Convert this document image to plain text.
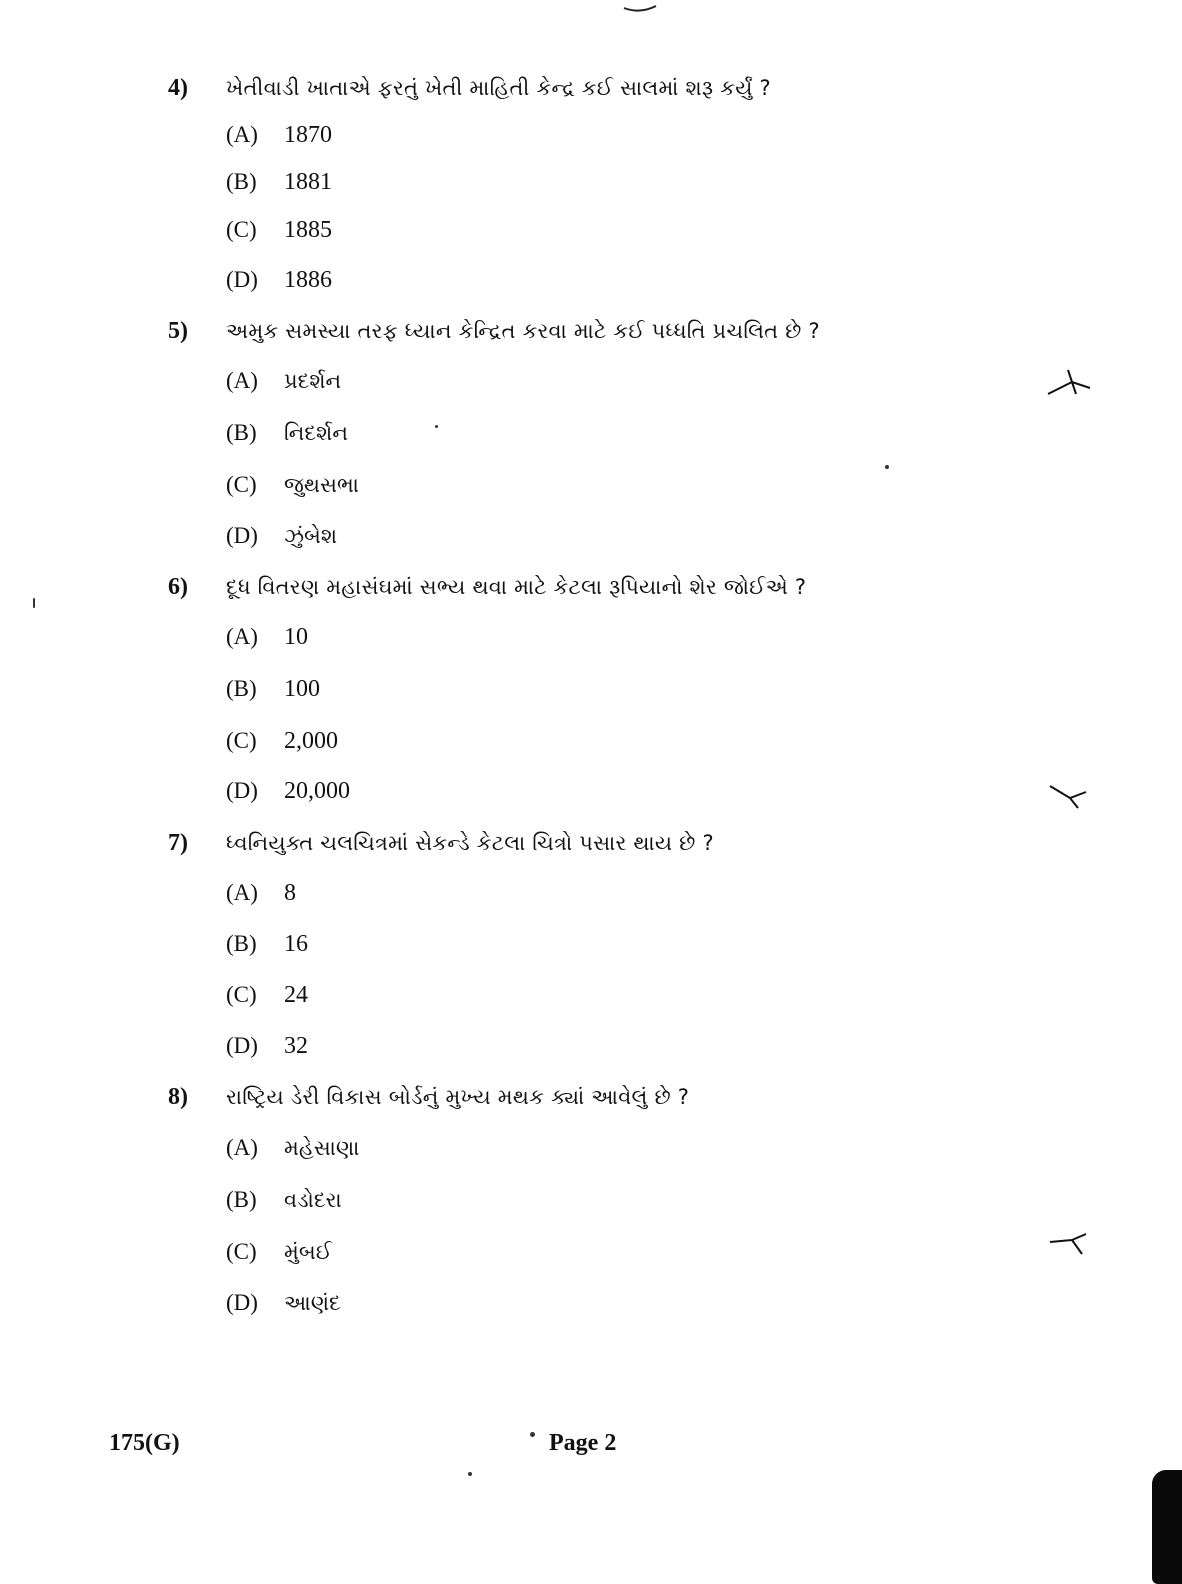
4) ખેતીવાડી ખાતાએ ફરતું ખેતી માહિતી કેન્દ્ર કઈ સાલમાં શરૂ કર્યું ?
(A) 1870
(B) 1881
(C) 1885
(D) 1886
5) અમુક સમસ્યા તરફ ધ્યાન કેન્દ્રિત કરવા માટે કઈ પધ્ધતિ પ્રચલિત છે ?
(A) પ્રદર્શન
(B) નિદર્શન
(C) જુથસભા
(D) ઝુંબેશ
6) દૂધ વિતરણ મહાસંઘમાં સભ્ય થવા માટે કેટલા રૂપિયાનો શેર જોઈએ ?
(A) 10
(B) 100
(C) 2,000
(D) 20,000
7) ધ્વનિયુક્ત ચલચિત્રમાં સેકન્ડે કેટલા ચિત્રો પસાર થાય છે ?
(A) 8
(B) 16
(C) 24
(D) 32
8) રાષ્ટ્રિય ડેરી વિકાસ બોર્ડનું મુખ્ય મથક ક્યાં આવેલું છે ?
(A) મહેસાણા
(B) વડોદરા
(C) મુંબઈ
(D) આણંદ
175(G)	Page 2
